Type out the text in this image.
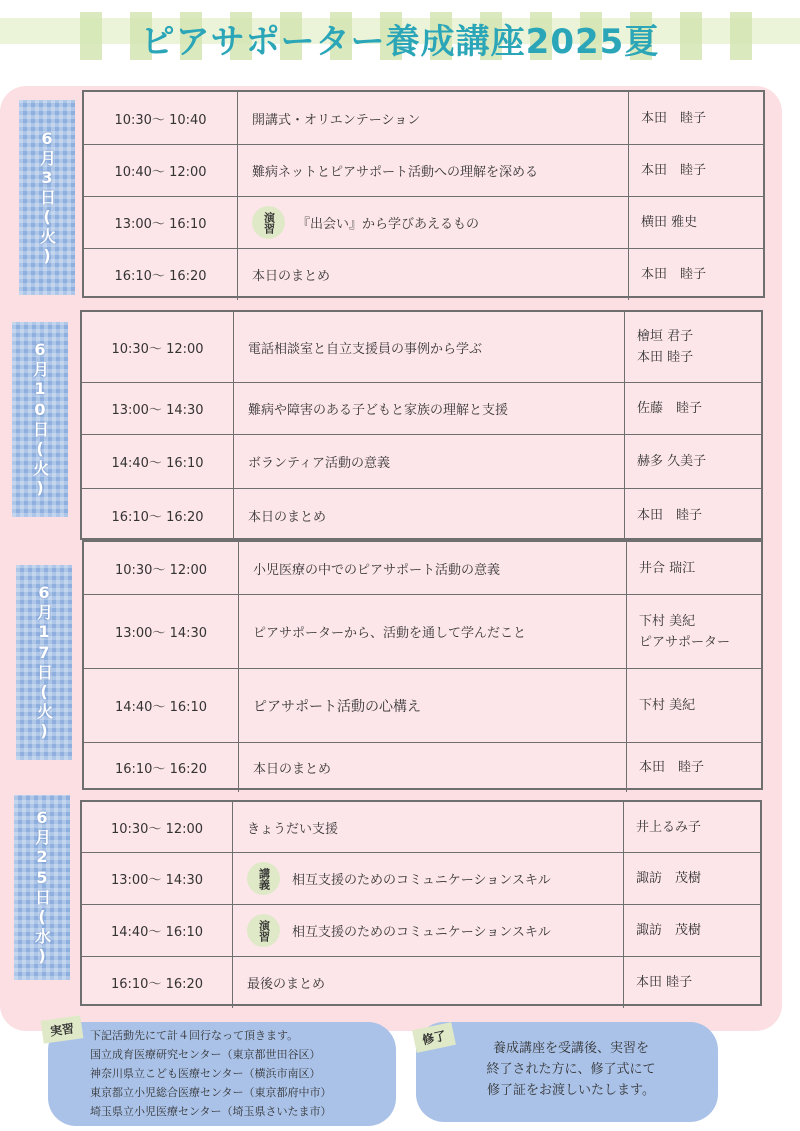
ピアサポーター養成講座2025夏
6月3日(火)
10:30〜 10:40	開講式・オリエンテーション	本田　睦子
10:40〜 12:00	難病ネットとピアサポート活動への理解を深める	本田　睦子
13:00〜 16:10	演習 『出会い』から学びあえるもの	横田 雅史
16:10〜 16:20	本日のまとめ	本田　睦子
6月10日(火)	10:30〜 12:00	電話相談室と自立支援員の事例から学ぶ
檜垣 君子
本田 睦子
13:00〜 14:30	難病や障害のある子どもと家族の理解と支援	佐藤　睦子
14:40〜 16:10	ボランティア活動の意義	赫多 久美子
16:10〜 16:20	本日のまとめ	本田　睦子
6月17日(火)
10:30〜 12:00	小児医療の中でのピアサポート活動の意義	井合 瑞江
13:00〜 14:30	ピアサポーターから、活動を通して学んだこと
下村 美紀
ピアサポーター
14:40〜 16:10	ピアサポート活動の心構え	下村 美紀
16:10〜 16:20	本日のまとめ	本田　睦子
6月25日(水)	10:30〜 12:00	きょうだい支援	井上るみ子
13:00〜 14:30	講義 相互支援のためのコミュニケーションスキル	諏訪　茂樹
14:40〜 16:10	演習 相互支援のためのコミュニケーションスキル	諏訪　茂樹
16:10〜 16:20	最後のまとめ	本田 睦子
実習	下記活動先にて計４回行なって頂きます。
国立成育医療研究センター（東京都世田谷区）
神奈川県立こども医療センター（横浜市南区）
東京都立小児総合医療センター（東京都府中市）
埼玉県立小児医療センター（埼玉県さいたま市）
修了
養成講座を受講後、実習を
終了された方に、修了式にて
修了証をお渡しいたします。
